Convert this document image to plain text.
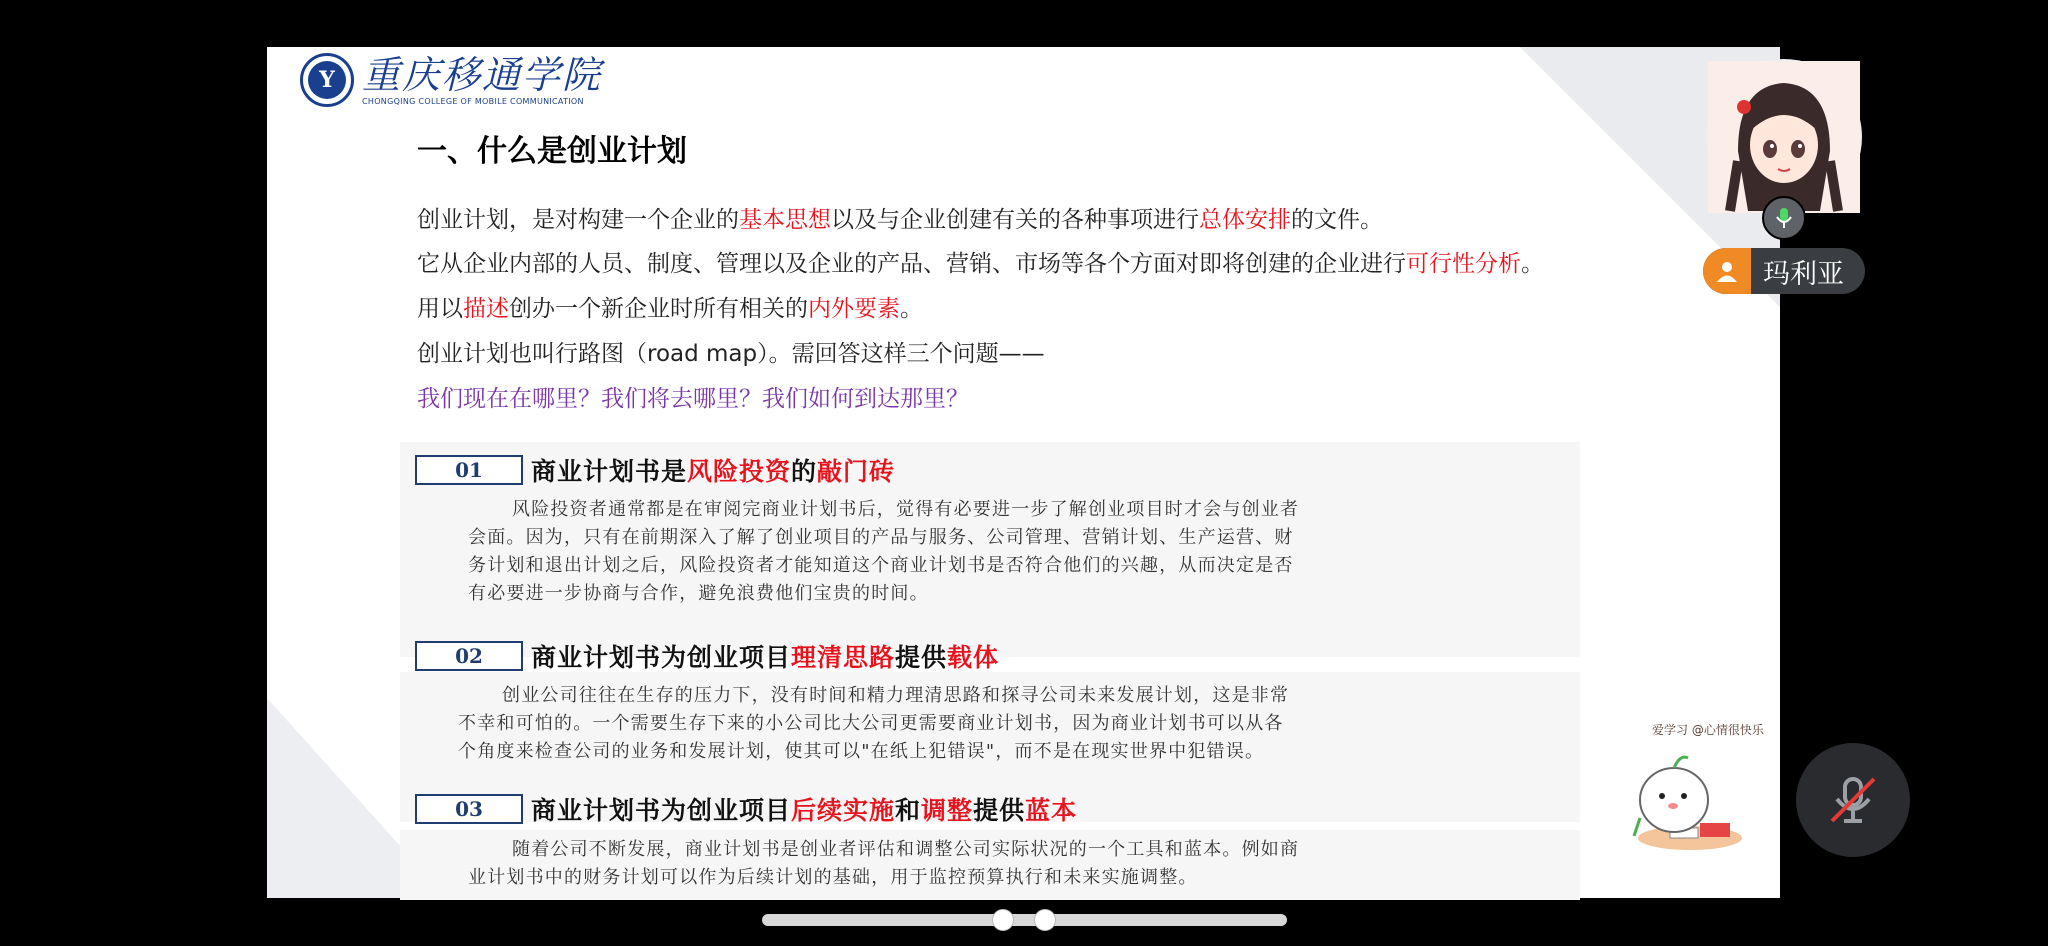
Y 重庆移通学院
CHONGQING COLLEGE OF MOBILE COMMUNICATION
一、什么是创业计划
创业计划，是对构建一个企业的基本思想以及与企业创建有关的各种事项进行总体安排的文件。
它从企业内部的人员、制度、管理以及企业的产品、营销、市场等各个方面对即将创建的企业进行可行性分析。
用以描述创办一个新企业时所有相关的内外要素。
创业计划也叫行路图（road map）。需回答这样三个问题——
我们现在在哪里？我们将去哪里？我们如何到达那里？
01	商业计划书是风险投资的敲门砖
风险投资者通常都是在审阅完商业计划书后，觉得有必要进一步了解创业项目时才会与创业者
会面。因为，只有在前期深入了解了创业项目的产品与服务、公司管理、营销计划、生产运营、财
务计划和退出计划之后，风险投资者才能知道这个商业计划书是否符合他们的兴趣，从而决定是否
有必要进一步协商与合作，避免浪费他们宝贵的时间。
02	商业计划书为创业项目理清思路提供载体
创业公司往往在生存的压力下，没有时间和精力理清思路和探寻公司未来发展计划，这是非常
不幸和可怕的。一个需要生存下来的小公司比大公司更需要商业计划书，因为商业计划书可以从各
个角度来检查公司的业务和发展计划，使其可以"在纸上犯错误"，而不是在现实世界中犯错误。
03	商业计划书为创业项目后续实施和调整提供蓝本
随着公司不断发展，商业计划书是创业者评估和调整公司实际状况的一个工具和蓝本。例如商
业计划书中的财务计划可以作为后续计划的基础，用于监控预算执行和未来实施调整。
爱学习 @心情很快乐
玛利亚
